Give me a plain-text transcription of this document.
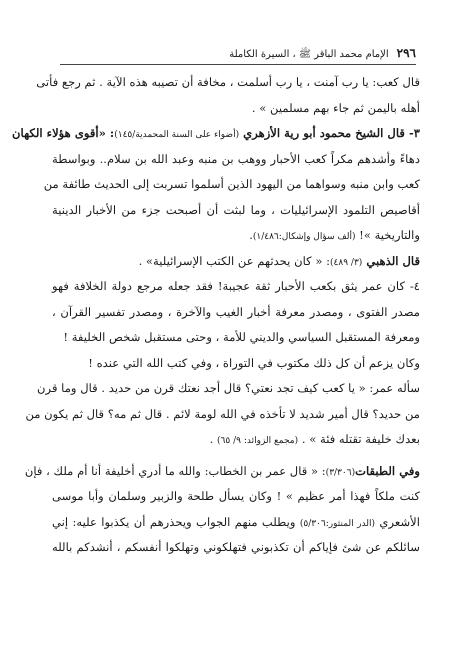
٢٩٦
الإمام محمد الباقر ﷺ ، السيرة الكاملة
قال كعب: يا رب آمنت ، يا رب أسلمت ، مخافة أن تصيبه هذه الآية . ثم رجع فأتى
أهله باليمن ثم جاء بهم مسلمين » .
٣- قال الشيخ محمود أبو رية الأزهري (أضواء على السنة المحمدية/١٤٥): «أقوى هؤلاء الكهان
دهاءً وأشدهم مكراً كعب الأحبار ووهب بن منبه وعبد الله بن سلام.. وبواسطة
كعب وابن منبه وسواهما من اليهود الذين أسلموا تسربت إلى الحديث طائفة من
أقاصيص التلمود الإسرائيليات ، وما لبثت أن أصبحت جزء من الأخبار الدينية
والتاريخية »! (ألف سؤال وإشكال:١/٤٨٦).
قال الذهبي (٣/ ٤٨٩): « كان يحدثهم عن الكتب الإسرائيلية» .
٤- كان عمر يثق بكعب الأحبار ثقة عجيبة! فقد جعله مرجع دولة الخلافة فهو
مصدر الفتوى ، ومصدر معرفة أخبار الغيب والآخرة ، ومصدر تفسير القرآن ،
ومعرفة المستقبل السياسي والديني للأمة ، وحتى مستقبل شخص الخليفة !
وكان يزعم أن كل ذلك مكتوب في التوراة ، وفي كتب الله التي عنده !
سأله عمر: « يا كعب كيف تجد نعتي؟ قال أجد نعتك قرن من حديد . قال وما قرن
من حديد؟ قال أمير شديد لا تأخذه في الله لومة لائم . قال ثم مه؟ قال ثم يكون من
بعدك خليفة تقتله فئة » . (مجمع الزوائد: ٩/ ٦٥) .
وفي الطبقات(٣/٣٠٦): « قال عمر بن الخطاب: والله ما أدري أخليفة أنا أم ملك ، فإن
كنت ملكاً فهذا أمر عظيم » ! وكان يسأل طلحة والزبير وسلمان وأبا موسى
الأشعري (الدر المنثور:٥/٣٠٦) ويطلب منهم الجواب ويحذرهم أن يكذبوا عليه: إني
سائلكم عن شئ فإياكم أن تكذبوني فتهلكوني وتهلكوا أنفسكم ، أنشدكم بالله
